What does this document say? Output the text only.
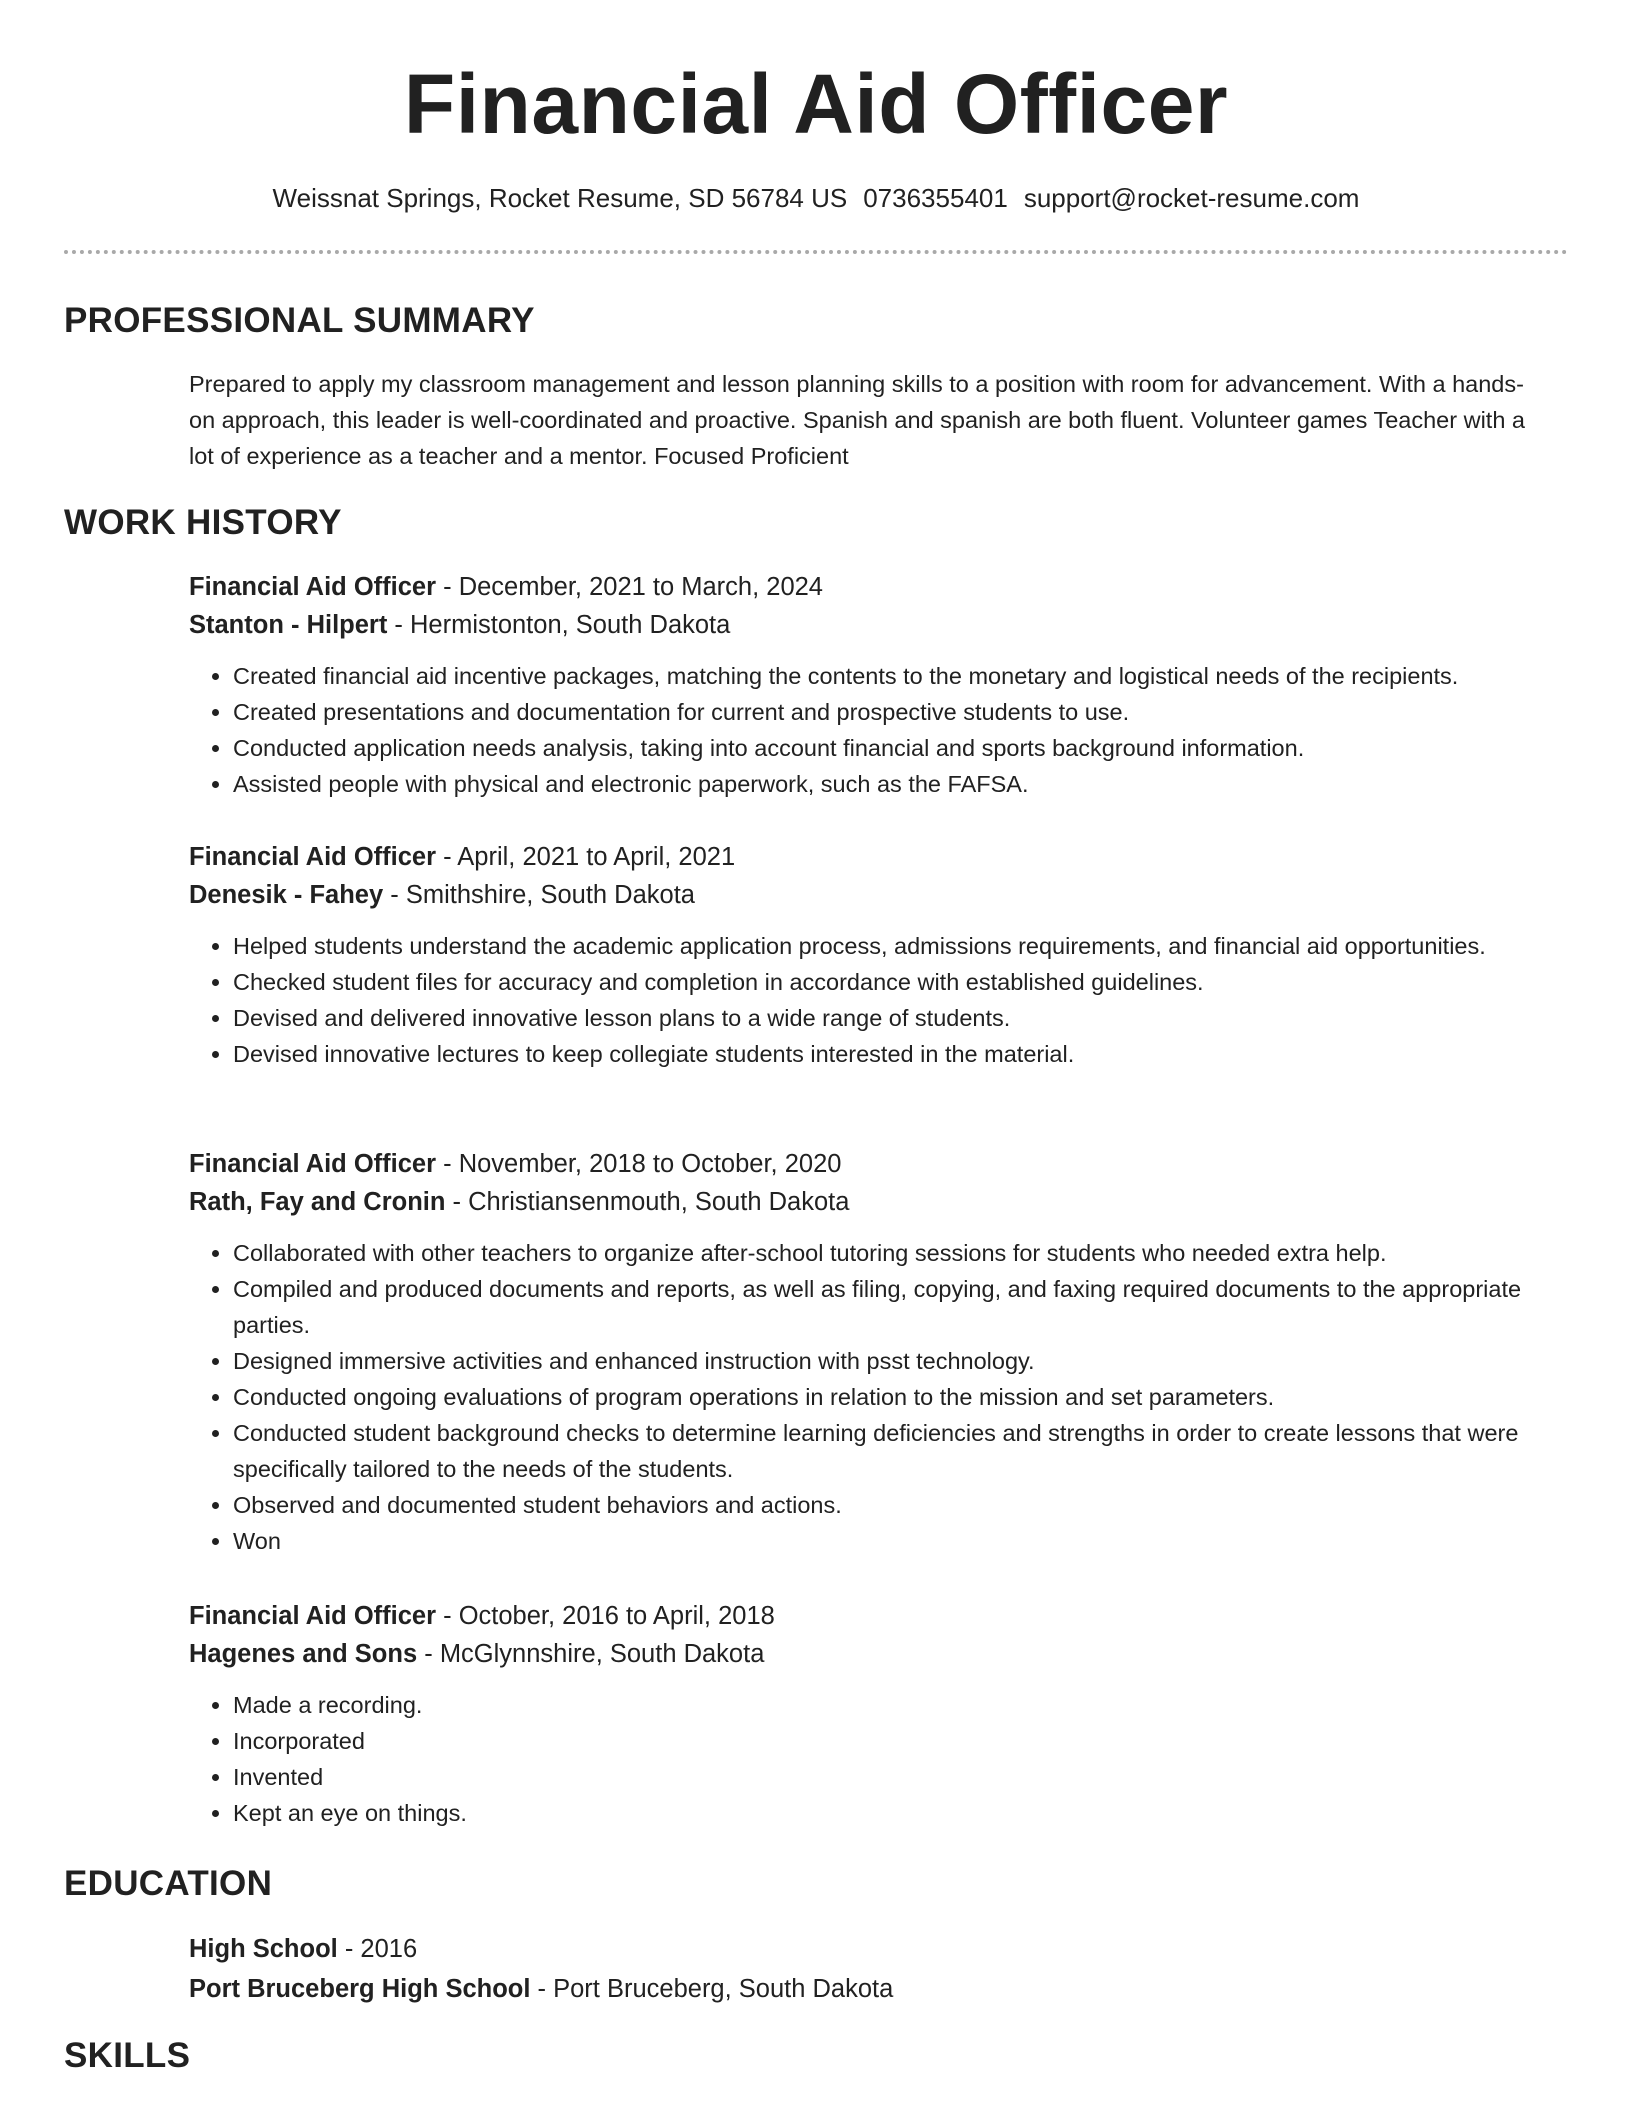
Financial Aid Officer
Weissnat Springs, Rocket Resume, SD 56784 US 0736355401 support@rocket-resume.com
PROFESSIONAL SUMMARY
Prepared to apply my classroom management and lesson planning skills to a position with room for advancement. With a hands-on approach, this leader is well-coordinated and proactive. Spanish and spanish are both fluent. Volunteer games Teacher with a lot of experience as a teacher and a mentor. Focused Proficient
WORK HISTORY
Financial Aid Officer - December, 2021 to March, 2024
Stanton - Hilpert - Hermistonton, South Dakota
• Created financial aid incentive packages, matching the contents to the monetary and logistical needs of the recipients.
• Created presentations and documentation for current and prospective students to use.
• Conducted application needs analysis, taking into account financial and sports background information.
• Assisted people with physical and electronic paperwork, such as the FAFSA.
Financial Aid Officer - April, 2021 to April, 2021
Denesik - Fahey - Smithshire, South Dakota
• Helped students understand the academic application process, admissions requirements, and financial aid opportunities.
• Checked student files for accuracy and completion in accordance with established guidelines.
• Devised and delivered innovative lesson plans to a wide range of students.
• Devised innovative lectures to keep collegiate students interested in the material.
Financial Aid Officer - November, 2018 to October, 2020
Rath, Fay and Cronin - Christiansenmouth, South Dakota
• Collaborated with other teachers to organize after-school tutoring sessions for students who needed extra help.
• Compiled and produced documents and reports, as well as filing, copying, and faxing required documents to the appropriate parties.
• Designed immersive activities and enhanced instruction with psst technology.
• Conducted ongoing evaluations of program operations in relation to the mission and set parameters.
• Conducted student background checks to determine learning deficiencies and strengths in order to create lessons that were specifically tailored to the needs of the students.
• Observed and documented student behaviors and actions.
• Won
Financial Aid Officer - October, 2016 to April, 2018
Hagenes and Sons - McGlynnshire, South Dakota
• Made a recording.
• Incorporated
• Invented
• Kept an eye on things.
EDUCATION
High School - 2016
Port Bruceberg High School - Port Bruceberg, South Dakota
SKILLS
